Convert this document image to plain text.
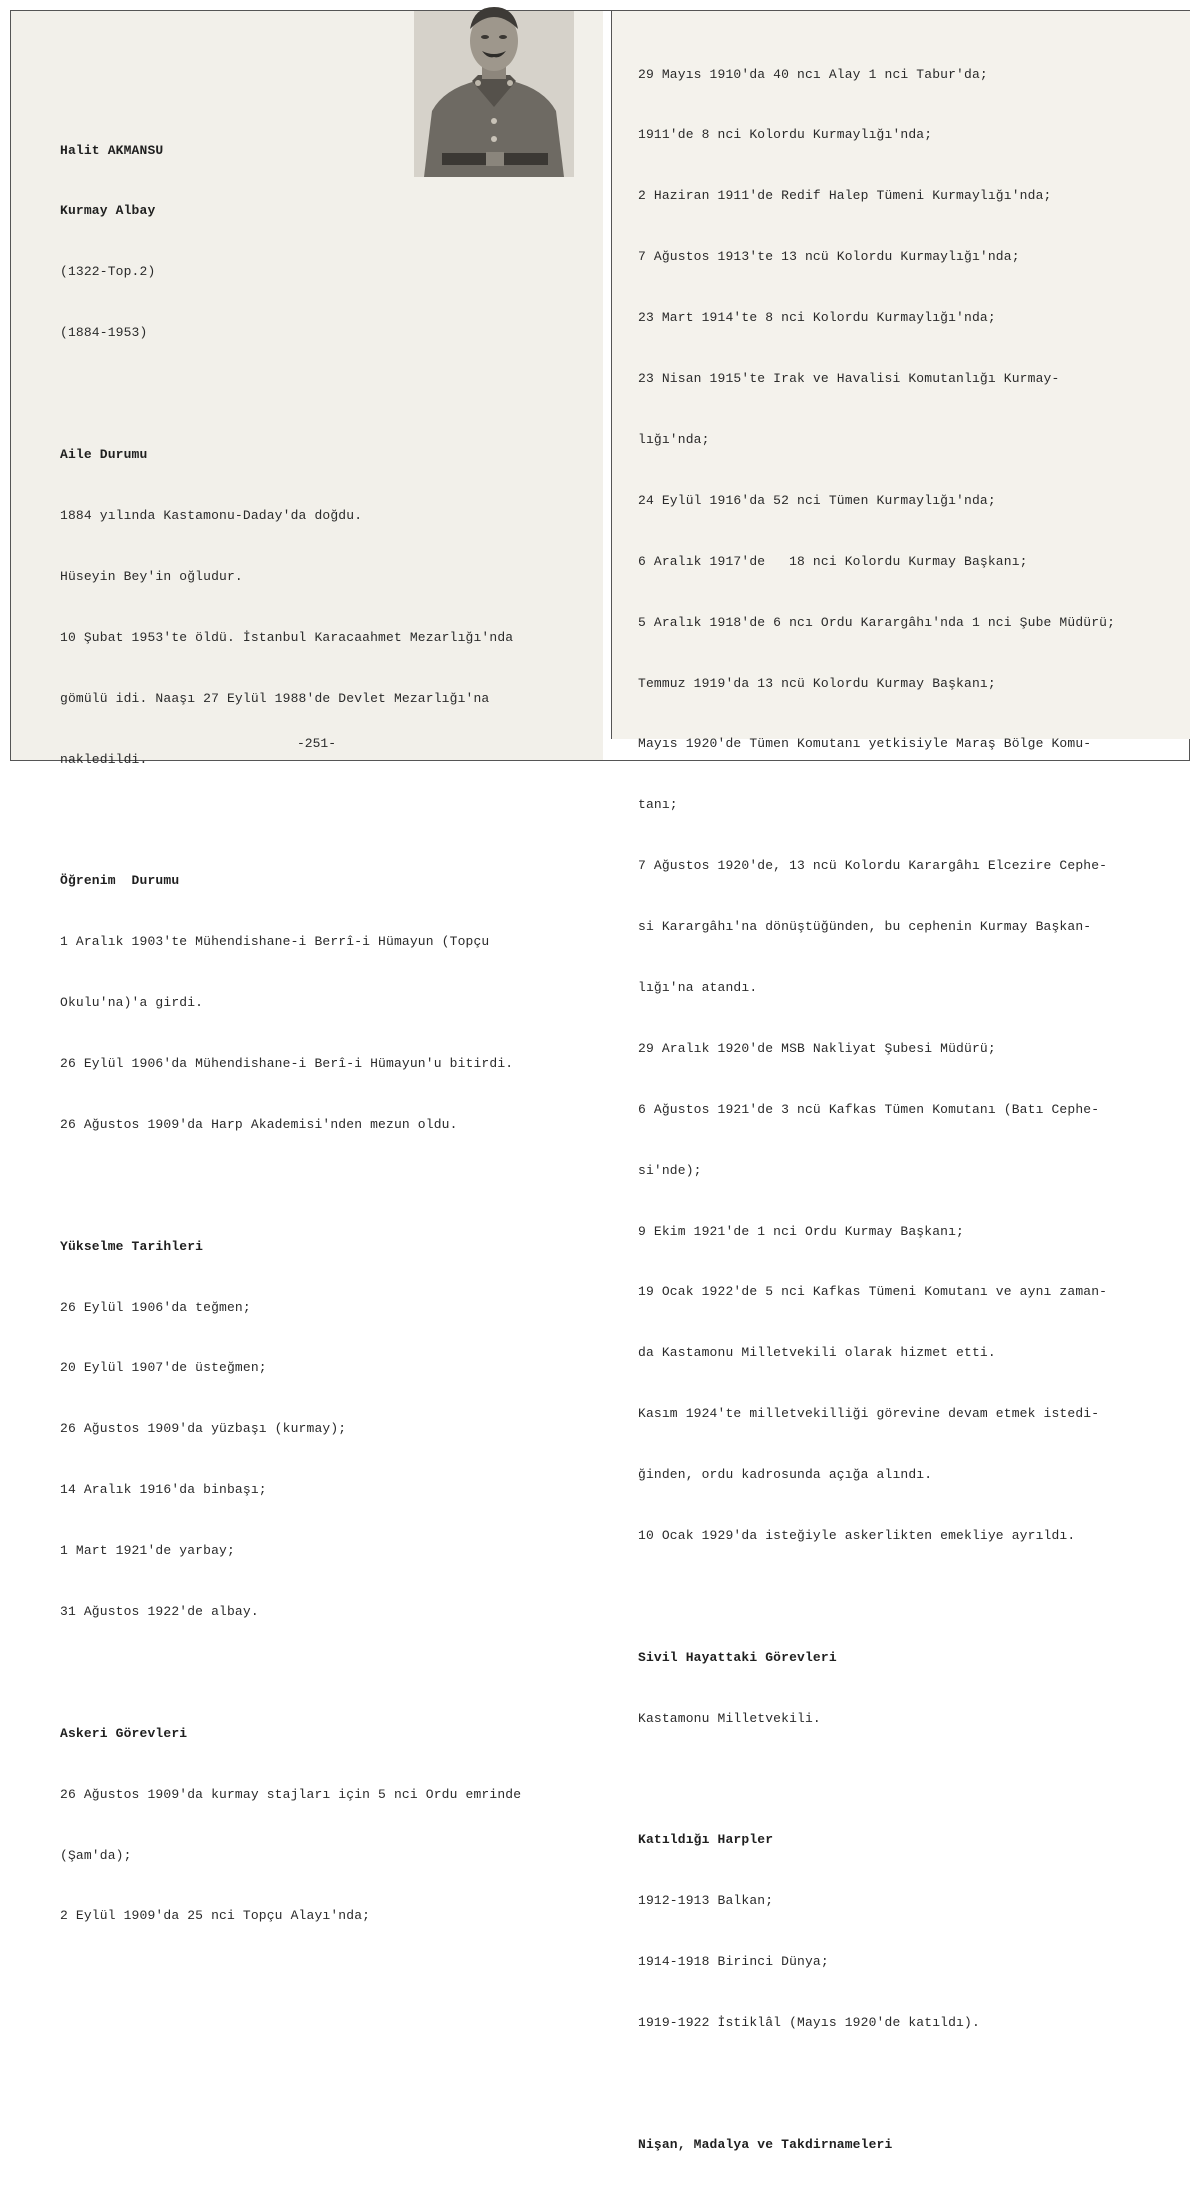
Halit AKMANSU

Kurmay Albay

(1322-Top.2)

(1884-1953)

Aile Durumu

1884 yılında Kastamonu-Daday'da doğdu.

Hüseyin Bey'in oğludur.

10 Şubat 1953'te öldü. İstanbul Karacaahmet Mezarlığı'nda

gömülü idi. Naaşı 27 Eylül 1988'de Devlet Mezarlığı'na

nakledildi.

Öğrenim  Durumu

1 Aralık 1903'te Mühendishane-i Berrî-i Hümayun (Topçu

Okulu'na)'a girdi.

26 Eylül 1906'da Mühendishane-i Berî-i Hümayun'u bitirdi.

26 Ağustos 1909'da Harp Akademisi'nden mezun oldu.

Yükselme Tarihleri

26 Eylül 1906'da teğmen;

20 Eylül 1907'de üsteğmen;

26 Ağustos 1909'da yüzbaşı (kurmay);

14 Aralık 1916'da binbaşı;

1 Mart 1921'de yarbay;

31 Ağustos 1922'de albay.

Askeri Görevleri

26 Ağustos 1909'da kurmay stajları için 5 nci Ordu emrinde

(Şam'da);

2 Eylül 1909'da 25 nci Topçu Alayı'nda;

-251-

29 Mayıs 1910'da 40 ncı Alay 1 nci Tabur'da;

1911'de 8 nci Kolordu Kurmaylığı'nda;

2 Haziran 1911'de Redif Halep Tümeni Kurmaylığı'nda;

7 Ağustos 1913'te 13 ncü Kolordu Kurmaylığı'nda;

23 Mart 1914'te 8 nci Kolordu Kurmaylığı'nda;

23 Nisan 1915'te Irak ve Havalisi Komutanlığı Kurmay-

lığı'nda;

24 Eylül 1916'da 52 nci Tümen Kurmaylığı'nda;

6 Aralık 1917'de   18 nci Kolordu Kurmay Başkanı;

5 Aralık 1918'de 6 ncı Ordu Karargâhı'nda 1 nci Şube Müdürü;

Temmuz 1919'da 13 ncü Kolordu Kurmay Başkanı;

Mayıs 1920'de Tümen Komutanı yetkisiyle Maraş Bölge Komu-

tanı;

7 Ağustos 1920'de, 13 ncü Kolordu Karargâhı Elcezire Cephe-

si Karargâhı'na dönüştüğünden, bu cephenin Kurmay Başkan-

lığı'na atandı.

29 Aralık 1920'de MSB Nakliyat Şubesi Müdürü;

6 Ağustos 1921'de 3 ncü Kafkas Tümen Komutanı (Batı Cephe-

si'nde);

9 Ekim 1921'de 1 nci Ordu Kurmay Başkanı;

19 Ocak 1922'de 5 nci Kafkas Tümeni Komutanı ve aynı zaman-

da Kastamonu Milletvekili olarak hizmet etti.

Kasım 1924'te milletvekilliği görevine devam etmek istedi-

ğinden, ordu kadrosunda açığa alındı.

10 Ocak 1929'da isteğiyle askerlikten emekliye ayrıldı.

Sivil Hayattaki Görevleri

Kastamonu Milletvekili.

Katıldığı Harpler

1912-1913 Balkan;

1914-1918 Birinci Dünya;

1919-1922 İstiklâl (Mayıs 1920'de katıldı).

Nişan, Madalya ve Takdirnameleri
